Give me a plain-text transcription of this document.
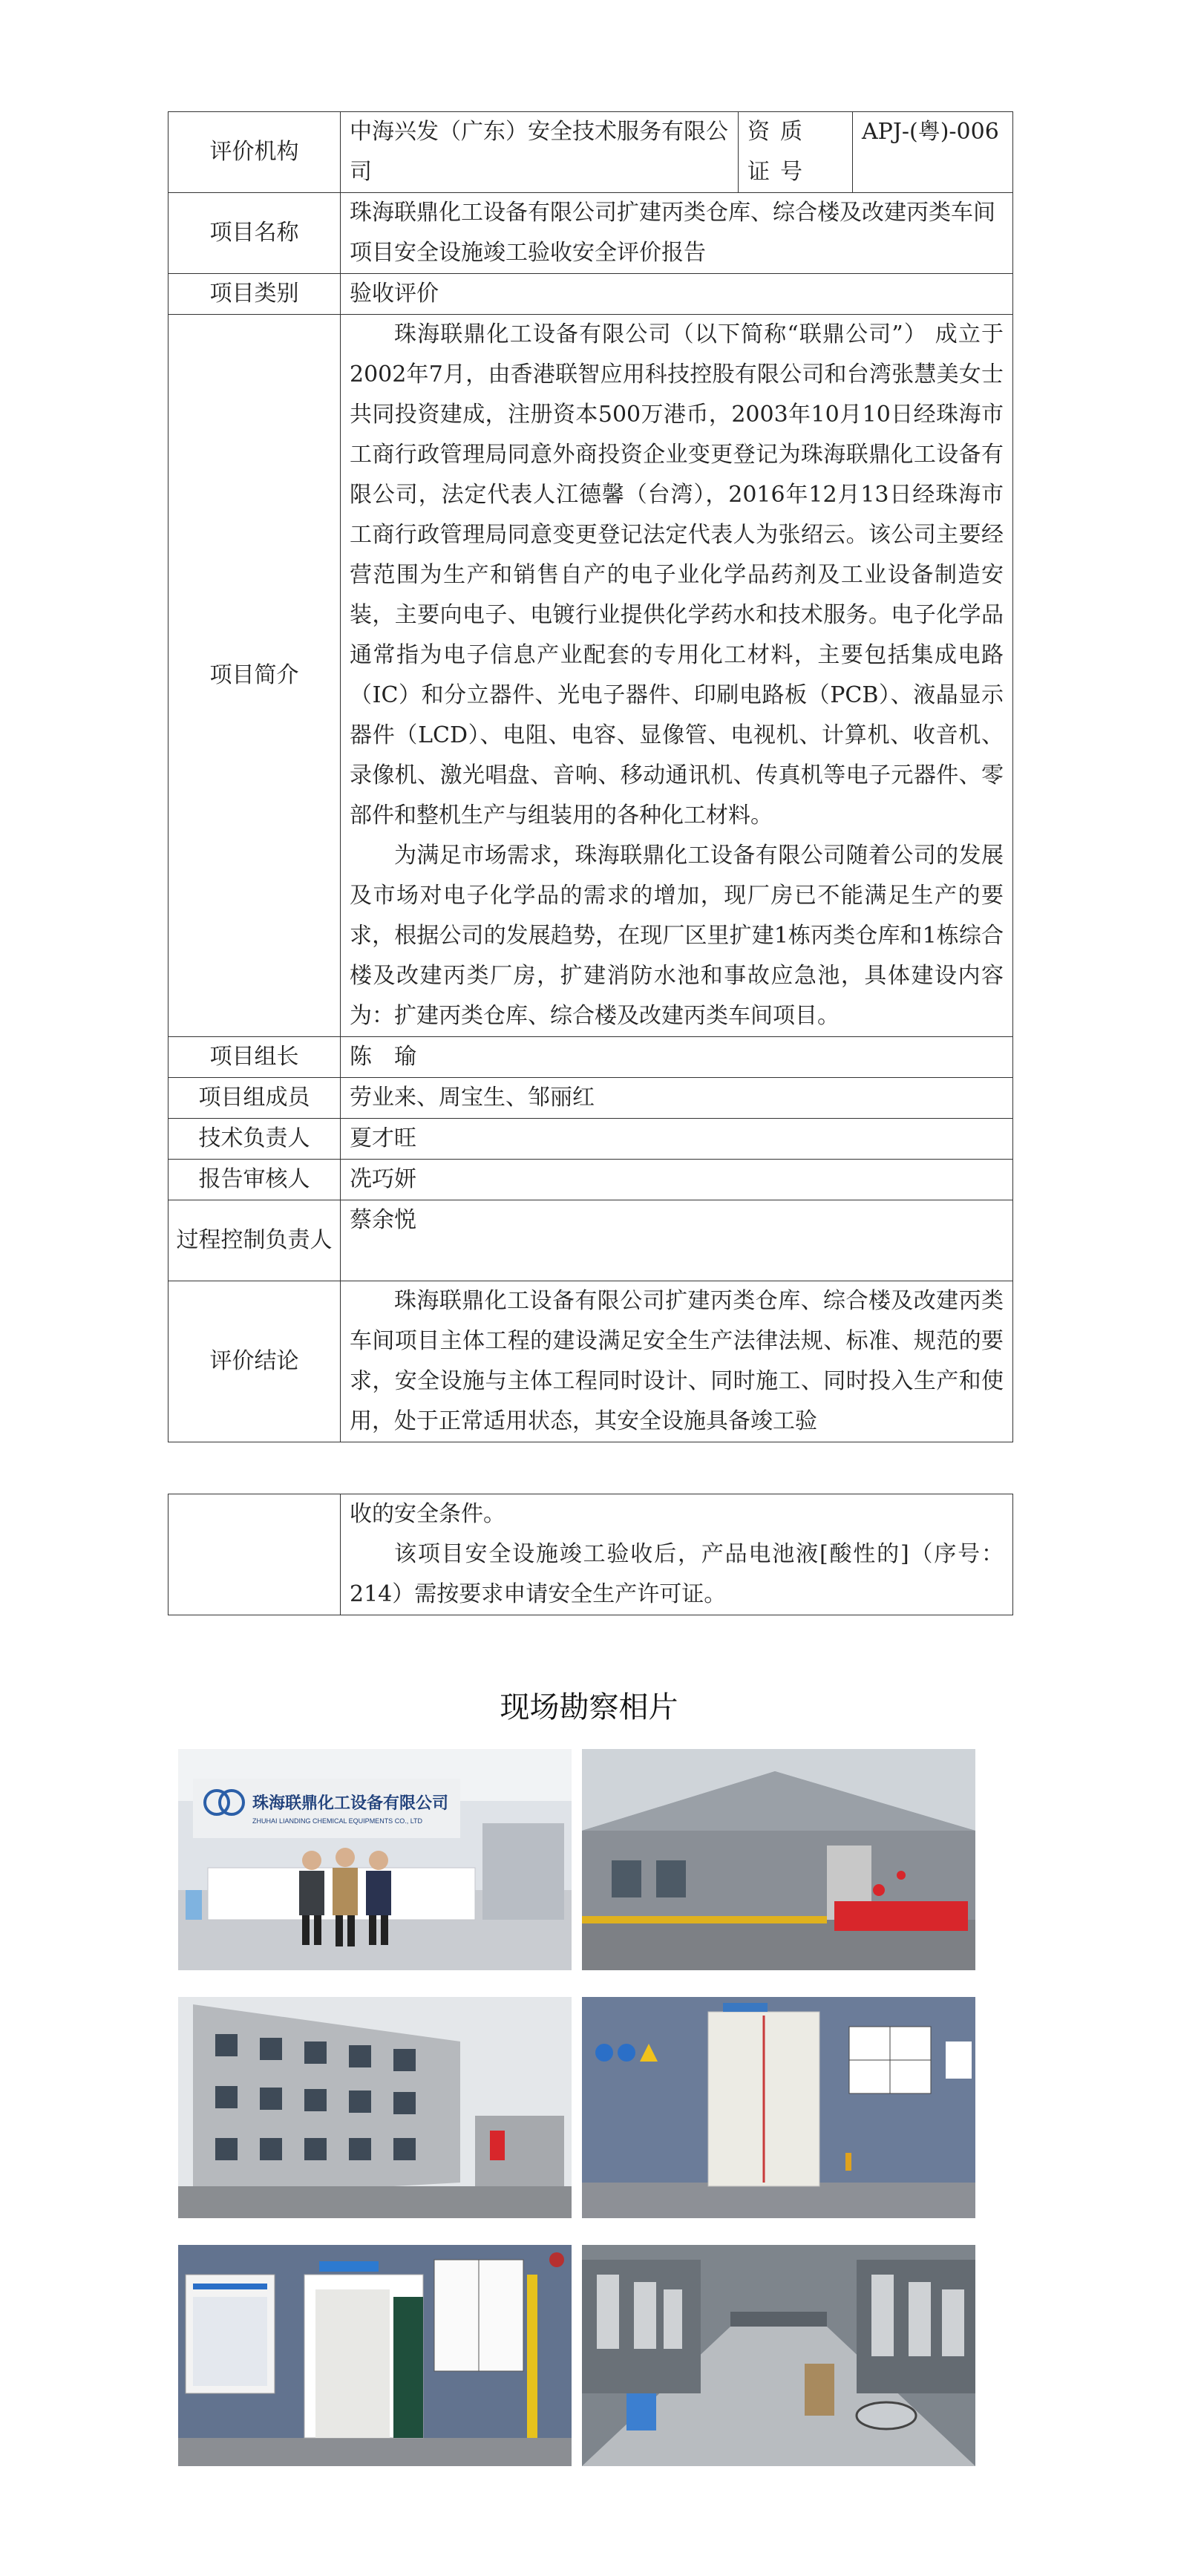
评价机构	中海兴发（广东）安全技术服务有限公司	资质证号	APJ-(粤)-006
项目名称	珠海联鼎化工设备有限公司扩建丙类仓库、综合楼及改建丙类车间项目安全设施竣工验收安全评价报告		
项目类别	验收评价		
项目简介	珠海联鼎化工设备有限公司（以下简称“联鼎公司”） 成立于2002年7月，由香港联智应用科技控股有限公司和台湾张慧美女士共同投资建成，注册资本500万港币，2003年10月10日经珠海市工商行政管理局同意外商投资企业变更登记为珠海联鼎化工设备有限公司，法定代表人江德馨（台湾），2016年12月13日经珠海市工商行政管理局同意变更登记法定代表人为张绍云。该公司主要经营范围为生产和销售自产的电子业化学品药剂及工业设备制造安装，主要向电子、电镀行业提供化学药水和技术服务。电子化学品通常指为电子信息产业配套的专用化工材料，主要包括集成电路（IC）和分立器件、光电子器件、印刷电路板（PCB）、液晶显示器件（LCD）、电阻、电容、显像管、电视机、计算机、收音机、录像机、激光唱盘、音响、移动通讯机、传真机等电子元器件、零部件和整机生产与组装用的各种化工材料。

为满足市场需求，珠海联鼎化工设备有限公司随着公司的发展及市场对电子化学品的需求的增加，现厂房已不能满足生产的要求，根据公司的发展趋势，在现厂区里扩建1栋丙类仓库和1栋综合楼及改建丙类厂房，扩建消防水池和事故应急池，具体建设内容为：扩建丙类仓库、综合楼及改建丙类车间项目。		

项目组长	陈　瑜		
项目组成员	劳业来、周宝生、邹丽红		
技术负责人	夏才旺		
报告审核人	冼巧妍		
过程控制负责人	蔡余悦		
评价结论	珠海联鼎化工设备有限公司扩建丙类仓库、综合楼及改建丙类车间项目主体工程的建设满足安全生产法律法规、标准、规范的要求，安全设施与主体工程同时设计、同时施工、同时投入生产和使用，处于正常适用状态，其安全设施具备竣工验		

收的安全条件。

该项目安全设施竣工验收后，产品电池液[酸性的]（序号：214）需按要求申请安全生产许可证。

现场勘察相片
珠海联鼎化工设备有限公司
ZHUHAI LIANDING CHEMICAL EQUIPMENTS CO., LTD
